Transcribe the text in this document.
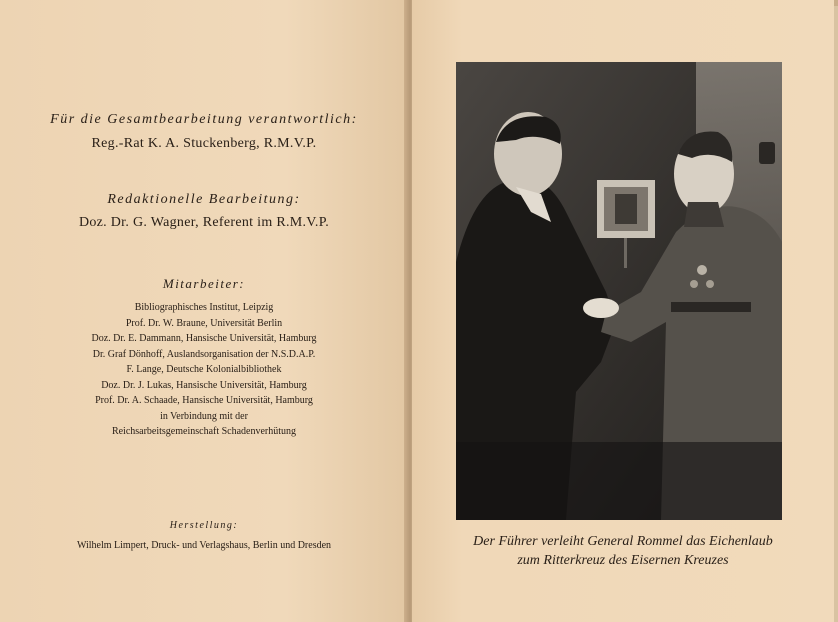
Für die Gesamtbearbeitung verantwortlich:
Reg.-Rat K. A. Stuckenberg, R.M.V.P.
Redaktionelle Bearbeitung:
Doz. Dr. G. Wagner, Referent im R.M.V.P.
Mitarbeiter:
Bibliographisches Institut, Leipzig
Prof. Dr. W. Braune, Universität Berlin
Doz. Dr. E. Dammann, Hansische Universität, Hamburg
Dr. Graf Dönhoff, Auslandsorganisation der N.S.D.A.P.
F. Lange, Deutsche Kolonialbibliothek
Doz. Dr. J. Lukas, Hansische Universität, Hamburg
Prof. Dr. A. Schaade, Hansische Universität, Hamburg
in Verbindung mit der
Reichsarbeitsgemeinschaft Schadenverhütung
Herstellung:
Wilhelm Limpert, Druck- und Verlagshaus, Berlin und Dresden	Der Führer verleiht General Rommel das Eichenlaub
zum Ritterkreuz des Eisernen Kreuzes
